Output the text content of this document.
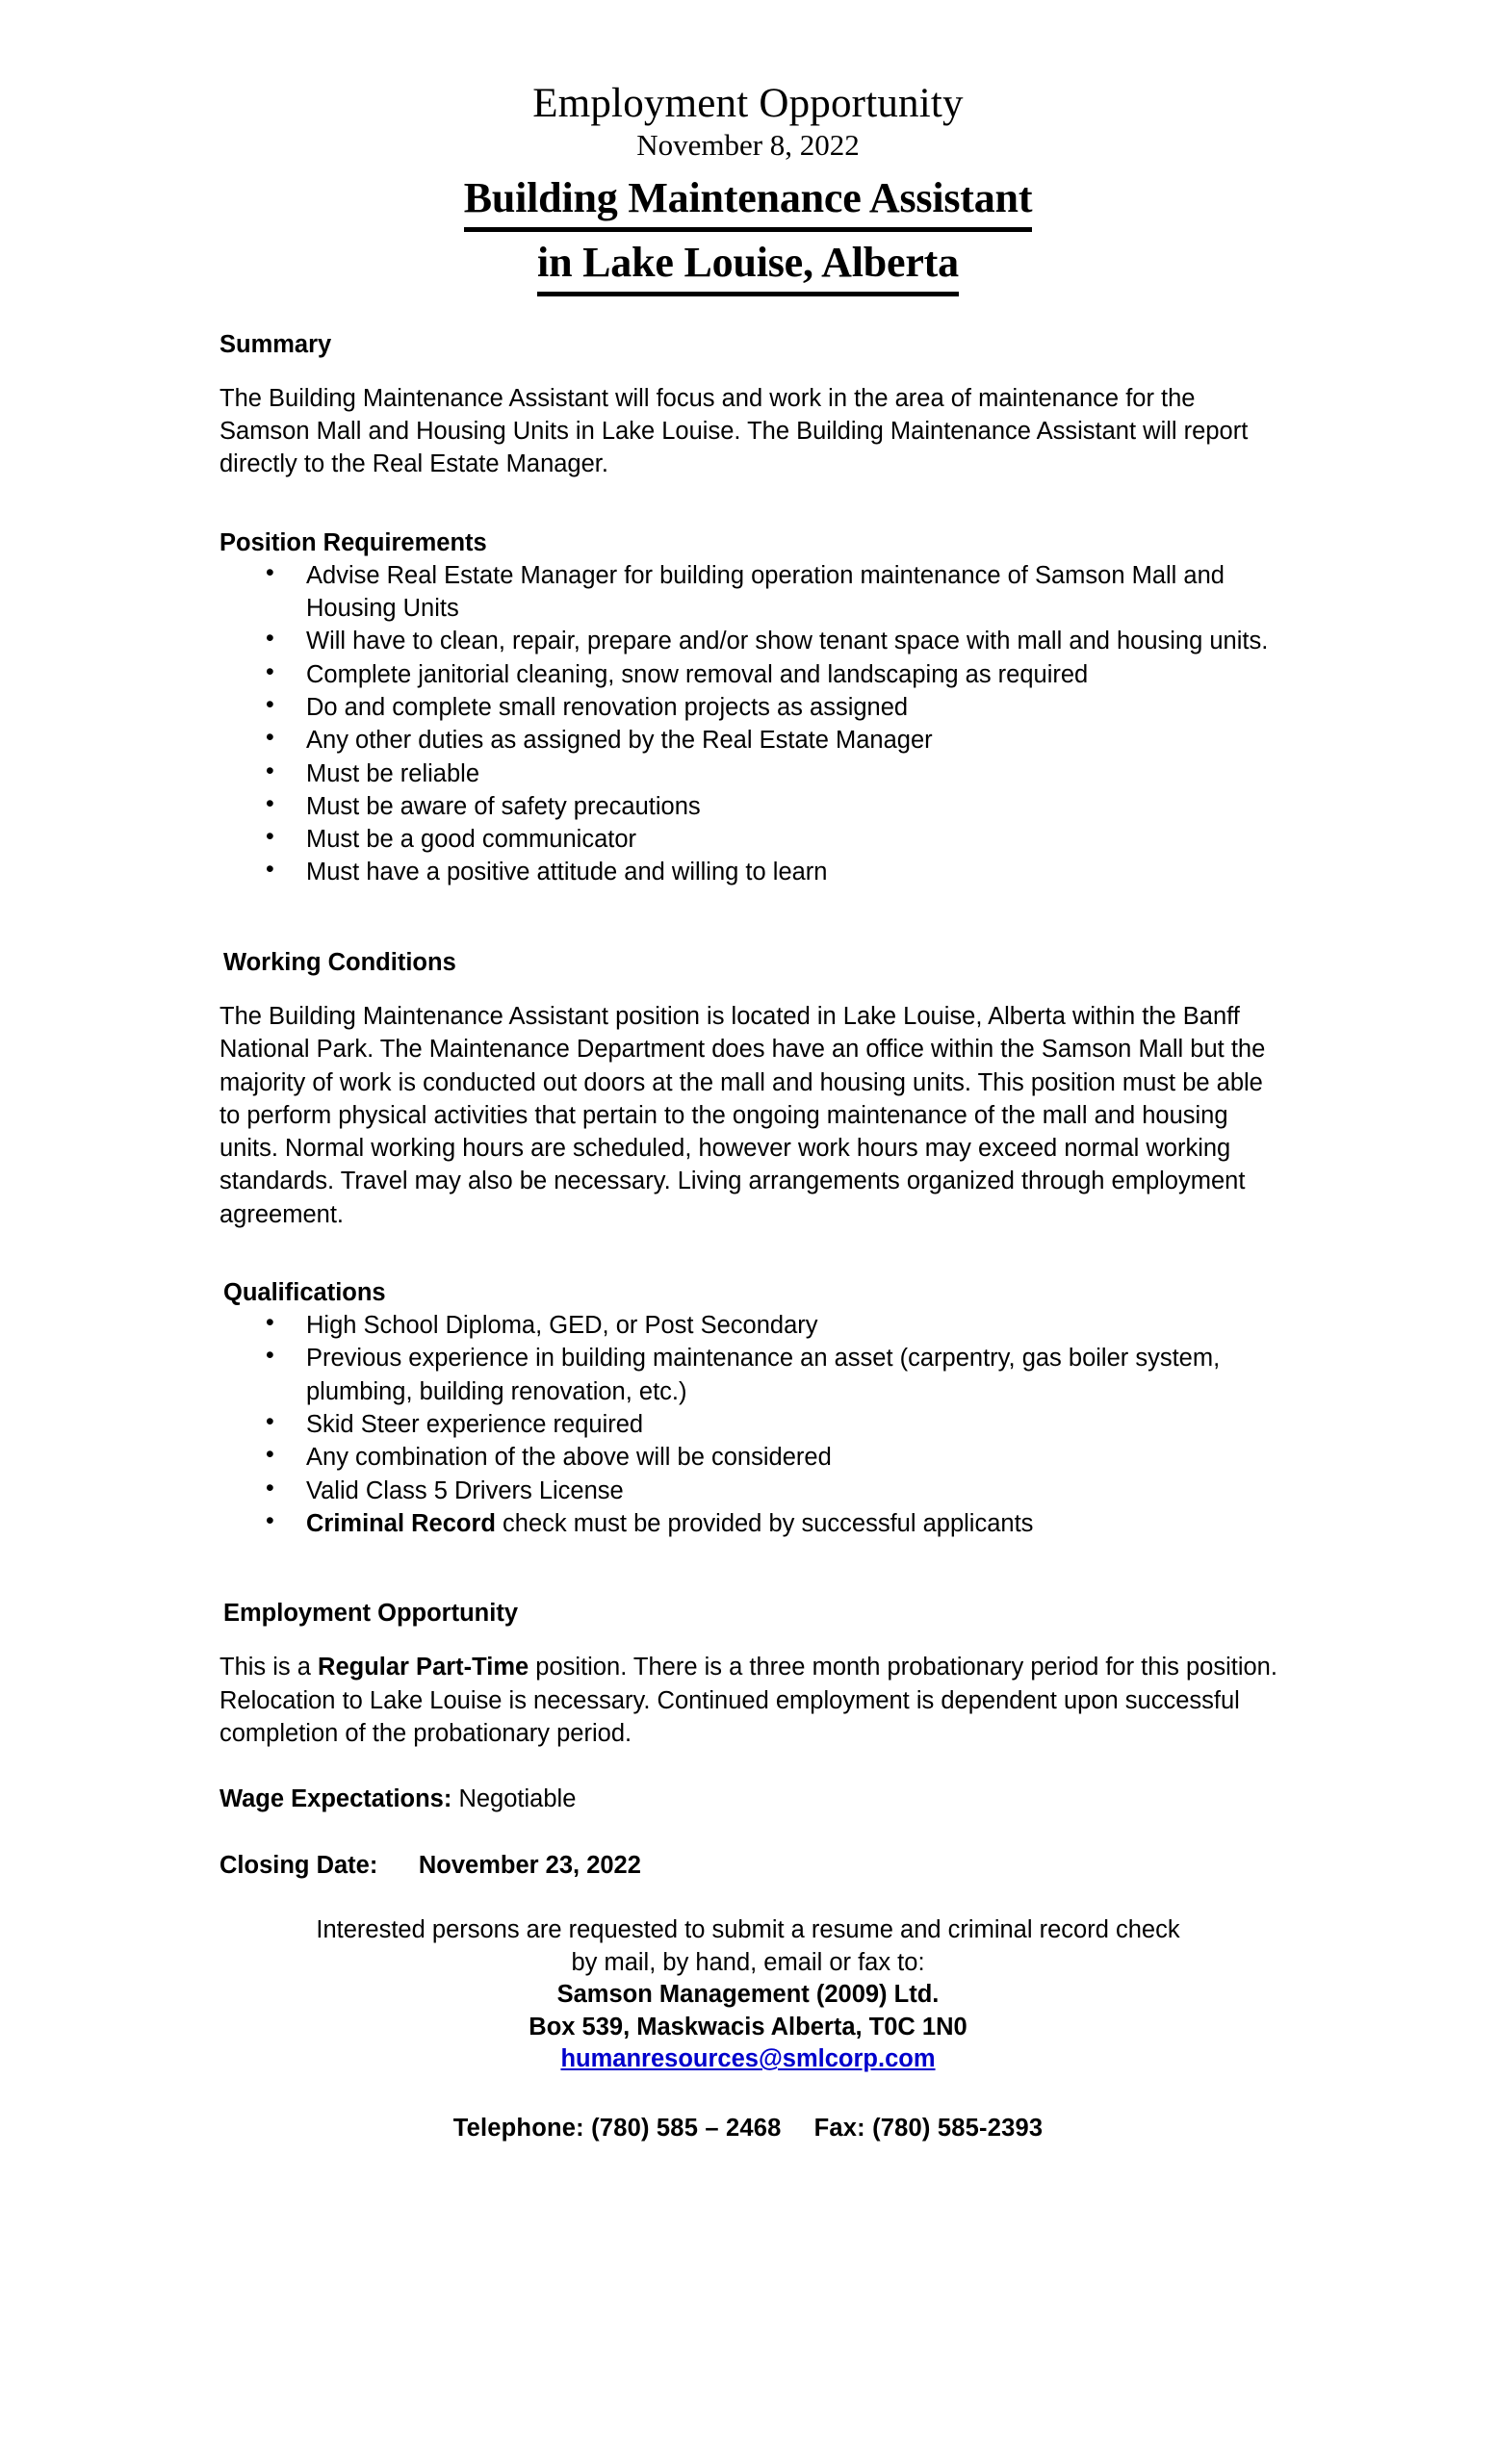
Employment Opportunity
November 8, 2022
Building Maintenance Assistant
in Lake Louise, Alberta
Summary
The Building Maintenance Assistant will focus and work in the area of maintenance for the Samson Mall and Housing Units in Lake Louise. The Building Maintenance Assistant will report directly to the Real Estate Manager.
Position Requirements
• Advise Real Estate Manager for building operation maintenance of Samson Mall and Housing Units
• Will have to clean, repair, prepare and/or show tenant space with mall and housing units.
• Complete janitorial cleaning, snow removal and landscaping as required
• Do and complete small renovation projects as assigned
• Any other duties as assigned by the Real Estate Manager
• Must be reliable
• Must be aware of safety precautions
• Must be a good communicator
• Must have a positive attitude and willing to learn
Working Conditions
The Building Maintenance Assistant position is located in Lake Louise, Alberta within the Banff National Park. The Maintenance Department does have an office within the Samson Mall but the majority of work is conducted out doors at the mall and housing units. This position must be able to perform physical activities that pertain to the ongoing maintenance of the mall and housing units. Normal working hours are scheduled, however work hours may exceed normal working standards. Travel may also be necessary. Living arrangements organized through employment agreement.
Qualifications
• High School Diploma, GED, or Post Secondary
• Previous experience in building maintenance an asset (carpentry, gas boiler system, plumbing, building renovation, etc.)
• Skid Steer experience required
• Any combination of the above will be considered
• Valid Class 5 Drivers License
• Criminal Record check must be provided by successful applicants
Employment Opportunity
This is a Regular Part-Time position. There is a three month probationary period for this position. Relocation to Lake Louise is necessary. Continued employment is dependent upon successful completion of the probationary period.
Wage Expectations: Negotiable
Closing Date: November 23, 2022
Interested persons are requested to submit a resume and criminal record check
by mail, by hand, email or fax to:
Samson Management (2009) Ltd.
Box 539, Maskwacis Alberta, T0C 1N0
humanresources@smlcorp.com
Telephone: (780) 585 – 2468 Fax: (780) 585-2393
